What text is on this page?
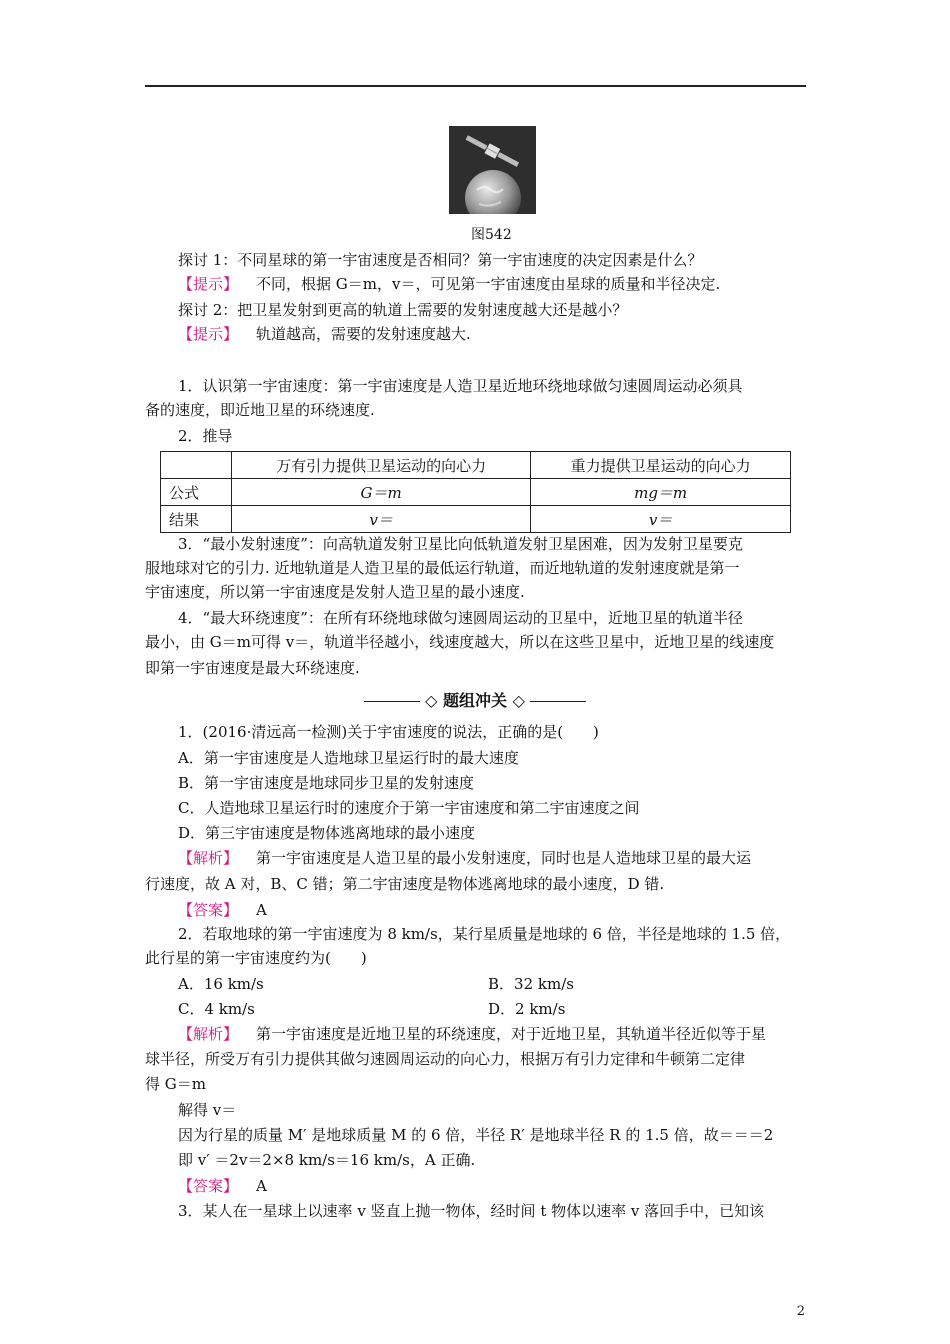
图542
探讨 1：不同星球的第一宇宙速度是否相同？第一宇宙速度的决定因素是什么？
【提示】 不同，根据 G＝m，v＝，可见第一宇宙速度由星球的质量和半径决定.
探讨 2：把卫星发射到更高的轨道上需要的发射速度越大还是越小？
【提示】 轨道越高，需要的发射速度越大.
1．认识第一宇宙速度：第一宇宙速度是人造卫星近地环绕地球做匀速圆周运动必须具
备的速度，即近地卫星的环绕速度.
2．推导
	万有引力提供卫星运动的向心力	重力提供卫星运动的向心力
公式	G＝m	mg＝m
结果	v＝	v＝
3．“最小发射速度”：向高轨道发射卫星比向低轨道发射卫星困难，因为发射卫星要克
服地球对它的引力. 近地轨道是人造卫星的最低运行轨道，而近地轨道的发射速度就是第一
宇宙速度，所以第一宇宙速度是发射人造卫星的最小速度.
4．“最大环绕速度”：在所有环绕地球做匀速圆周运动的卫星中，近地卫星的轨道半径
最小，由 G＝m可得 v＝，轨道半径越小，线速度越大，所以在这些卫星中，近地卫星的线速度
即第一宇宙速度是最大环绕速度.
◇ 题组冲关 ◇
1．(2016·清远高一检测)关于宇宙速度的说法，正确的是(　　)
A．第一宇宙速度是人造地球卫星运行时的最大速度
B．第一宇宙速度是地球同步卫星的发射速度
C．人造地球卫星运行时的速度介于第一宇宙速度和第二宇宙速度之间
D．第三宇宙速度是物体逃离地球的最小速度
【解析】 第一宇宙速度是人造卫星的最小发射速度，同时也是人造地球卫星的最大运
行速度，故 A 对，B、C 错；第二宇宙速度是物体逃离地球的最小速度，D 错.
【答案】 A
2．若取地球的第一宇宙速度为 8 km/s，某行星质量是地球的 6 倍，半径是地球的 1.5 倍，
此行星的第一宇宙速度约为(　　)
A．16 km/s	B．32 km/s
C．4 km/s	D．2 km/s
【解析】 第一宇宙速度是近地卫星的环绕速度，对于近地卫星，其轨道半径近似等于星
球半径，所受万有引力提供其做匀速圆周运动的向心力，根据万有引力定律和牛顿第二定律
得 G＝m
解得 v＝
因为行星的质量 M′ 是地球质量 M 的 6 倍，半径 R′ 是地球半径 R 的 1.5 倍，故＝＝＝2
即 v′ ＝2v＝2×8 km/s＝16 km/s，A 正确.
【答案】 A
3．某人在一星球上以速率 v 竖直上抛一物体，经时间 t 物体以速率 v 落回手中，已知该
2
